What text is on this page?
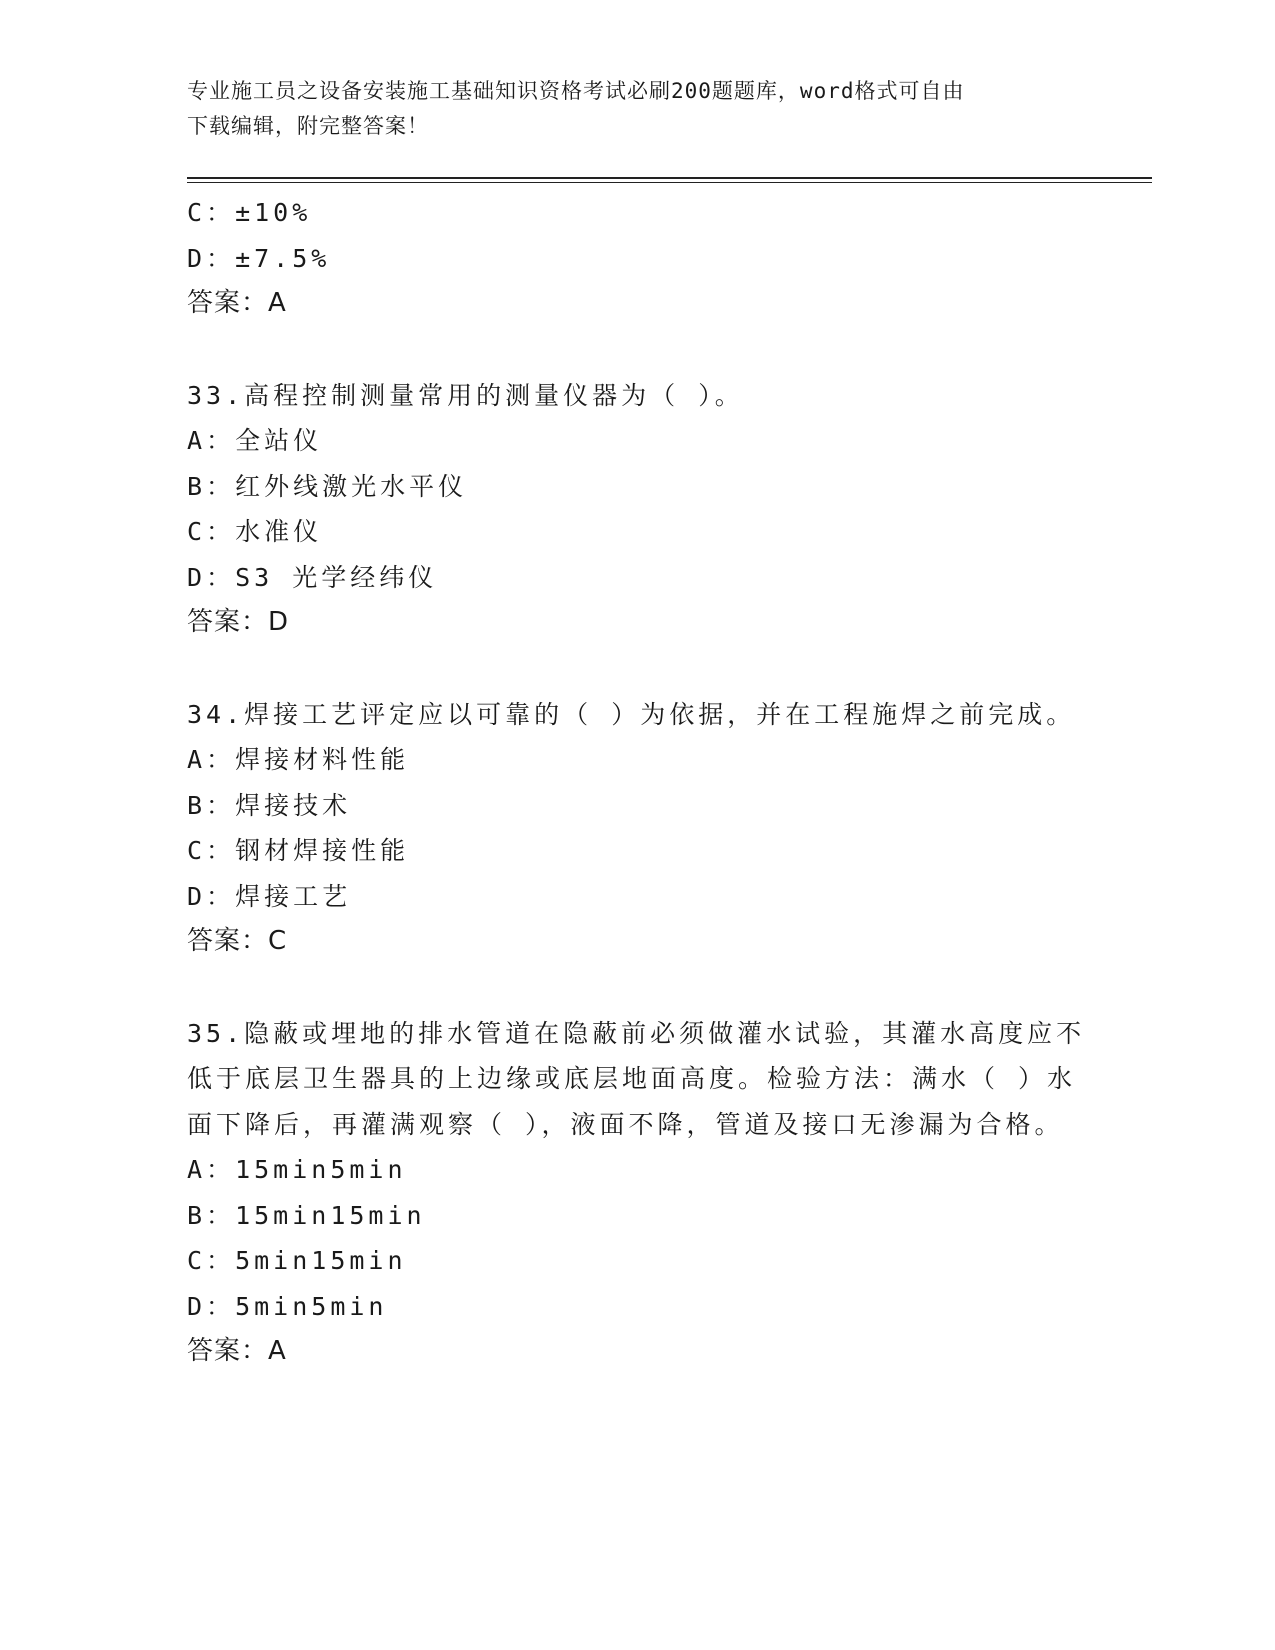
专业施工员之设备安装施工基础知识资格考试必刷200题题库，word格式可自由
下载编辑，附完整答案！
C：±10%
D：±7.5%
答案：A
33.高程控制测量常用的测量仪器为（ ）。
A：全站仪
B：红外线激光水平仪
C：水准仪
D：S3 光学经纬仪
答案：D
34.焊接工艺评定应以可靠的（ ）为依据，并在工程施焊之前完成。
A：焊接材料性能
B：焊接技术
C：钢材焊接性能
D：焊接工艺
答案：C
35.隐蔽或埋地的排水管道在隐蔽前必须做灌水试验，其灌水高度应不
低于底层卫生器具的上边缘或底层地面高度。检验方法：满水（ ）水
面下降后，再灌满观察（ ），液面不降，管道及接口无渗漏为合格。
A：15min5min
B：15min15min
C：5min15min
D：5min5min
答案：A
